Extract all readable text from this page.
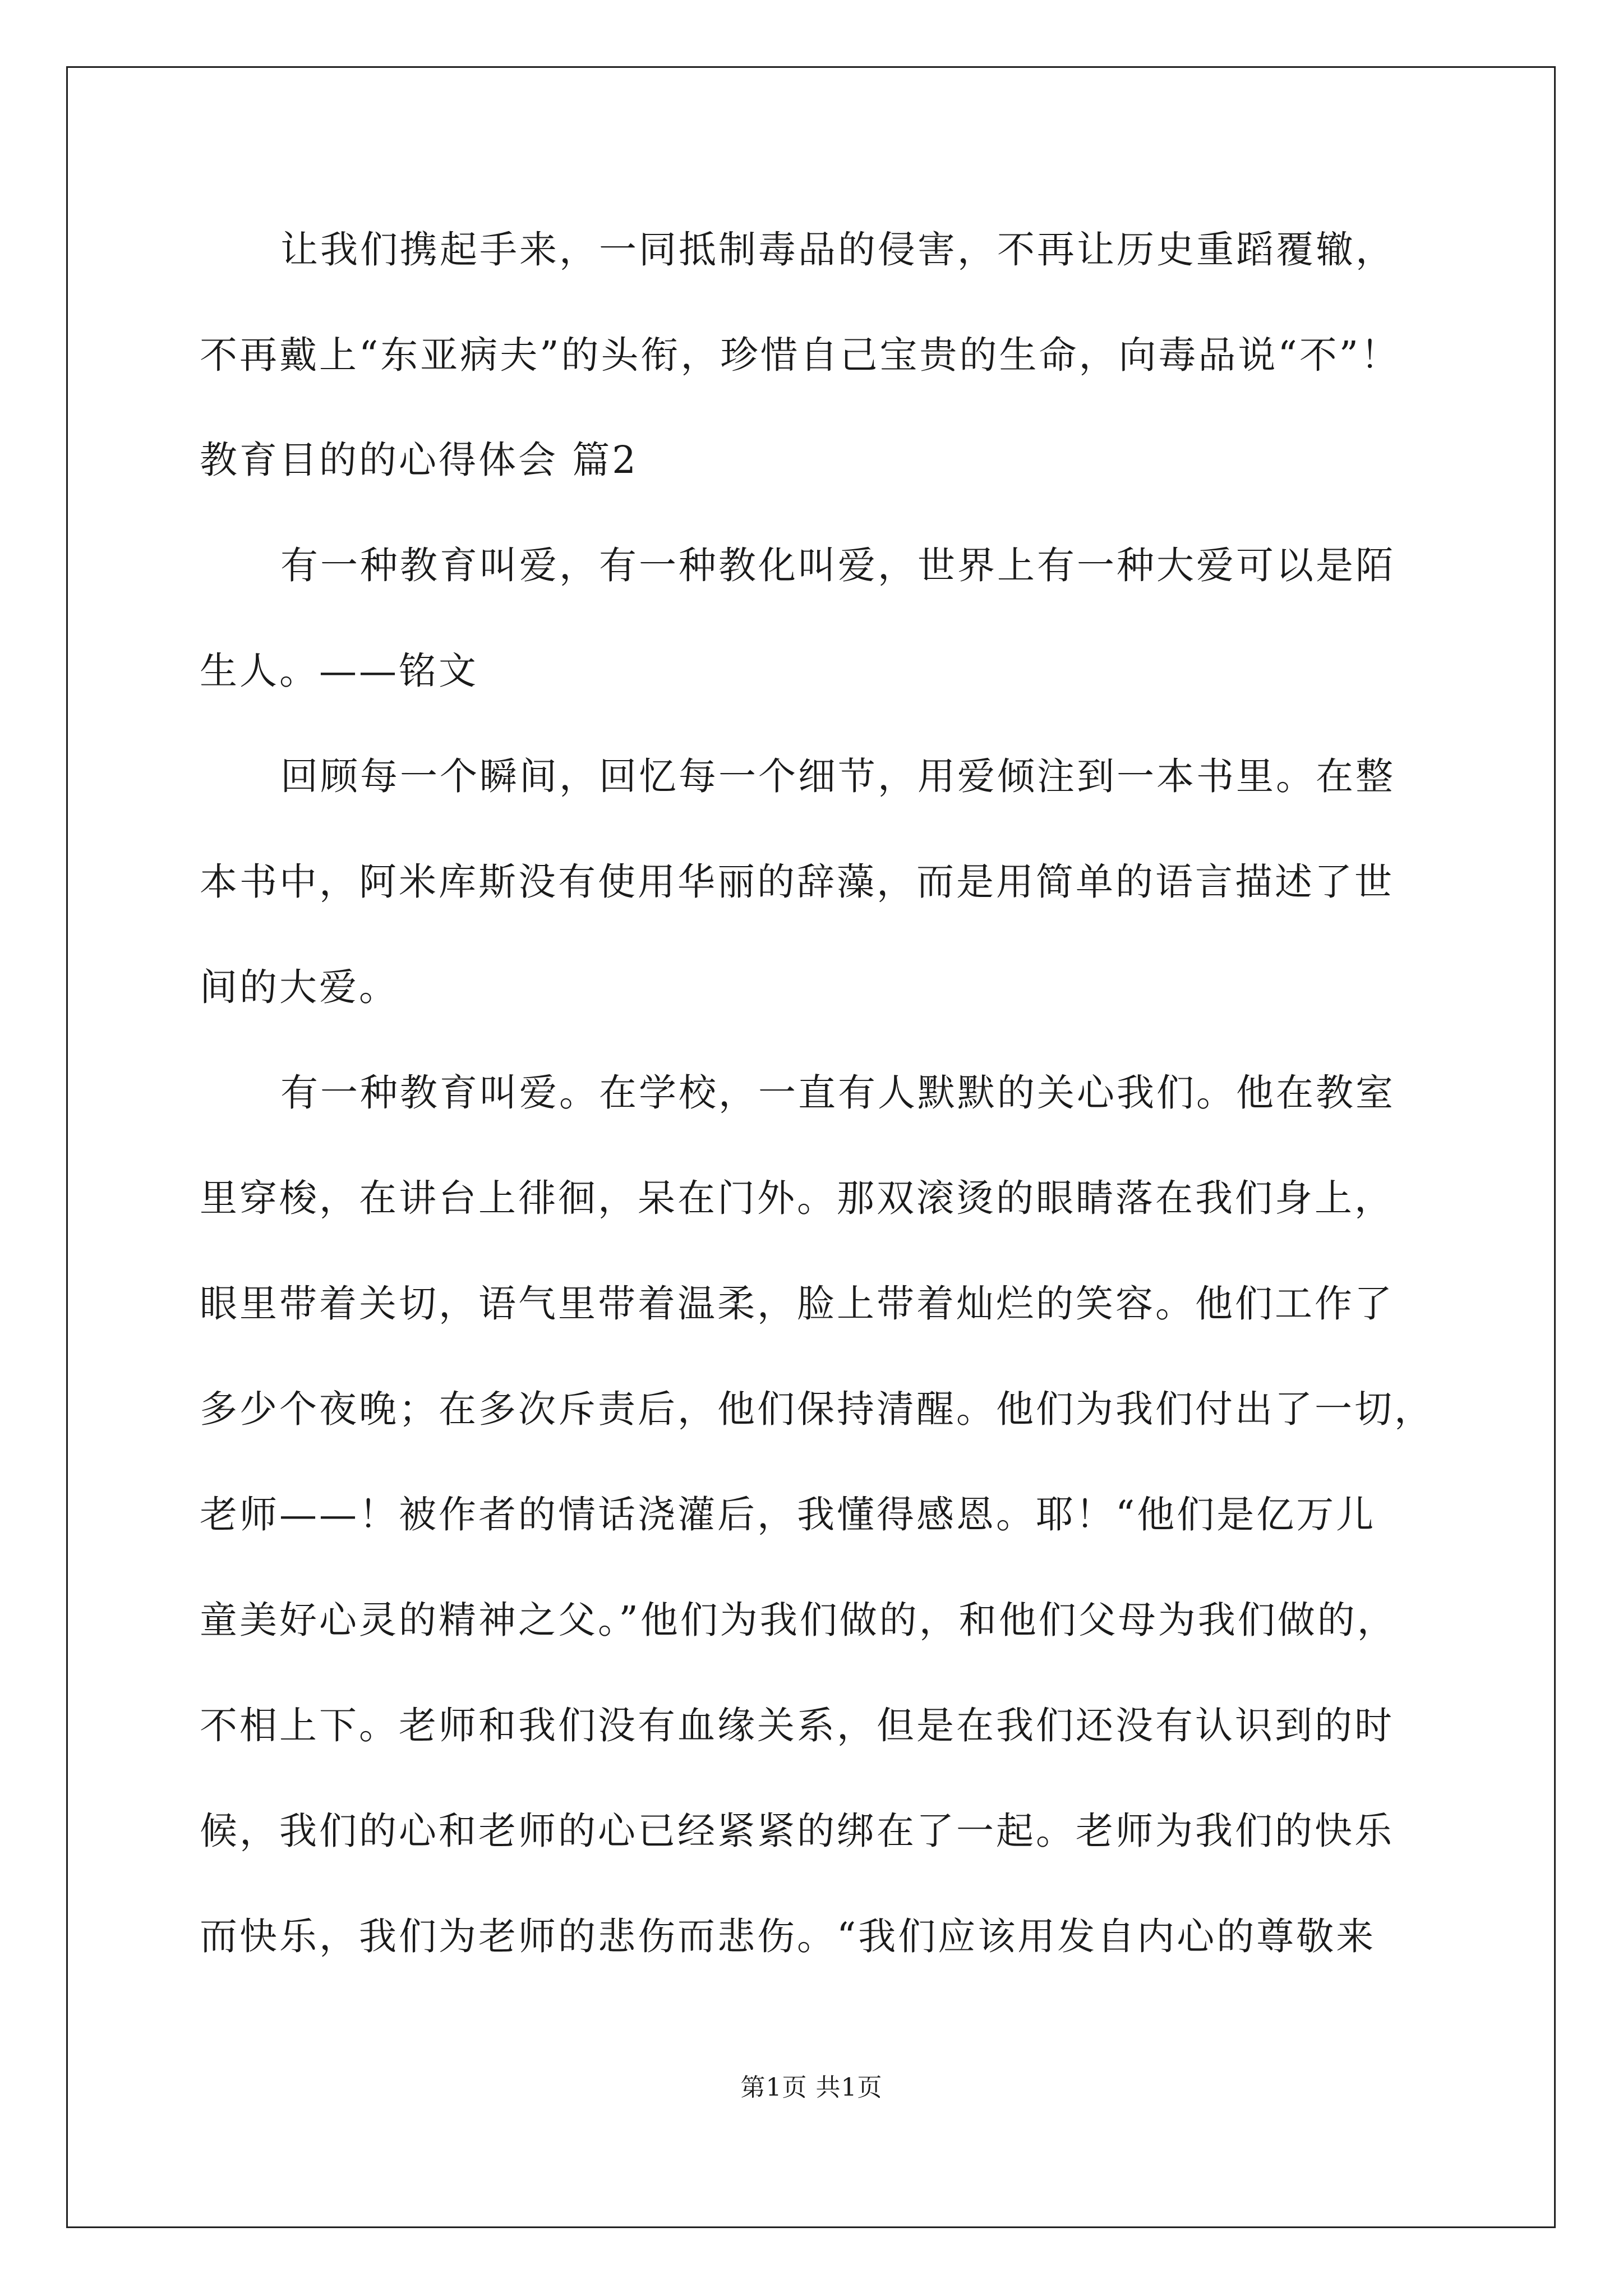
让我们携起手来，一同抵制毒品的侵害，不再让历史重蹈覆辙，
不再戴上“东亚病夫”的头衔，珍惜自己宝贵的生命，向毒品说“不”！
教育目的的心得体会 篇2
有一种教育叫爱，有一种教化叫爱，世界上有一种大爱可以是陌
生人。——铭文
回顾每一个瞬间，回忆每一个细节，用爱倾注到一本书里。在整
本书中，阿米库斯没有使用华丽的辞藻，而是用简单的语言描述了世
间的大爱。
有一种教育叫爱。在学校，一直有人默默的关心我们。他在教室
里穿梭，在讲台上徘徊，呆在门外。那双滚烫的眼睛落在我们身上，
眼里带着关切，语气里带着温柔，脸上带着灿烂的笑容。他们工作了
多少个夜晚；在多次斥责后，他们保持清醒。他们为我们付出了一切，
老师——！被作者的情话浇灌后，我懂得感恩。耶！“他们是亿万儿
童美好心灵的精神之父。”他们为我们做的，和他们父母为我们做的，
不相上下。老师和我们没有血缘关系，但是在我们还没有认识到的时
候，我们的心和老师的心已经紧紧的绑在了一起。老师为我们的快乐
而快乐，我们为老师的悲伤而悲伤。“我们应该用发自内心的尊敬来
第1页 共1页
